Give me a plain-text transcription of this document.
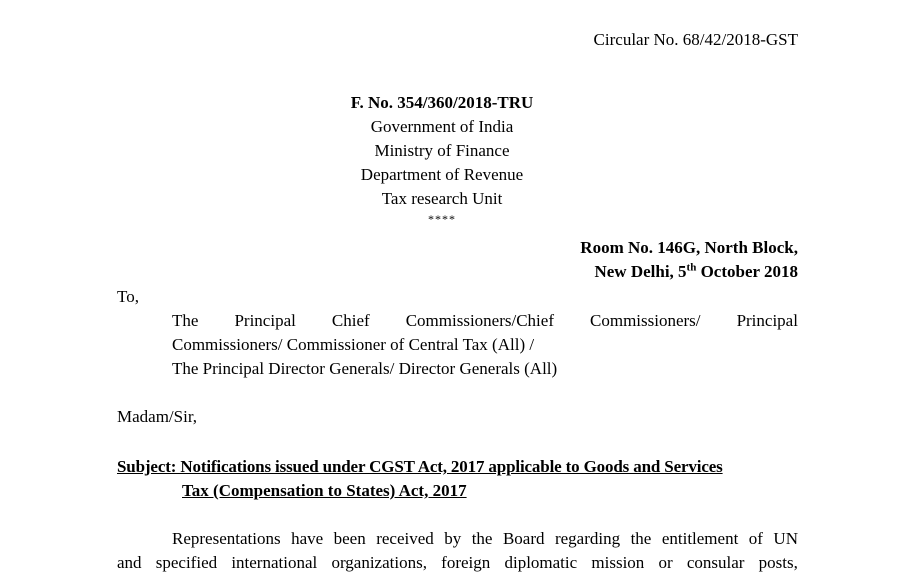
Circular No. 68/42/2018-GST
F. No. 354/360/2018-TRU
Government of India
Ministry of Finance
Department of Revenue
Tax research Unit
****
Room No. 146G, North Block,
New Delhi, 5th October 2018
To,
The Principal Chief Commissioners/Chief Commissioners/ Principal
Commissioners/ Commissioner of Central Tax (All) /
The Principal Director Generals/ Director Generals (All)
Madam/Sir,
Subject: Notifications issued under CGST Act, 2017 applicable to Goods and Services
Tax (Compensation to States) Act, 2017
Representations have been received by the Board regarding the entitlement of UN
and specified international organizations, foreign diplomatic mission or consular posts,
